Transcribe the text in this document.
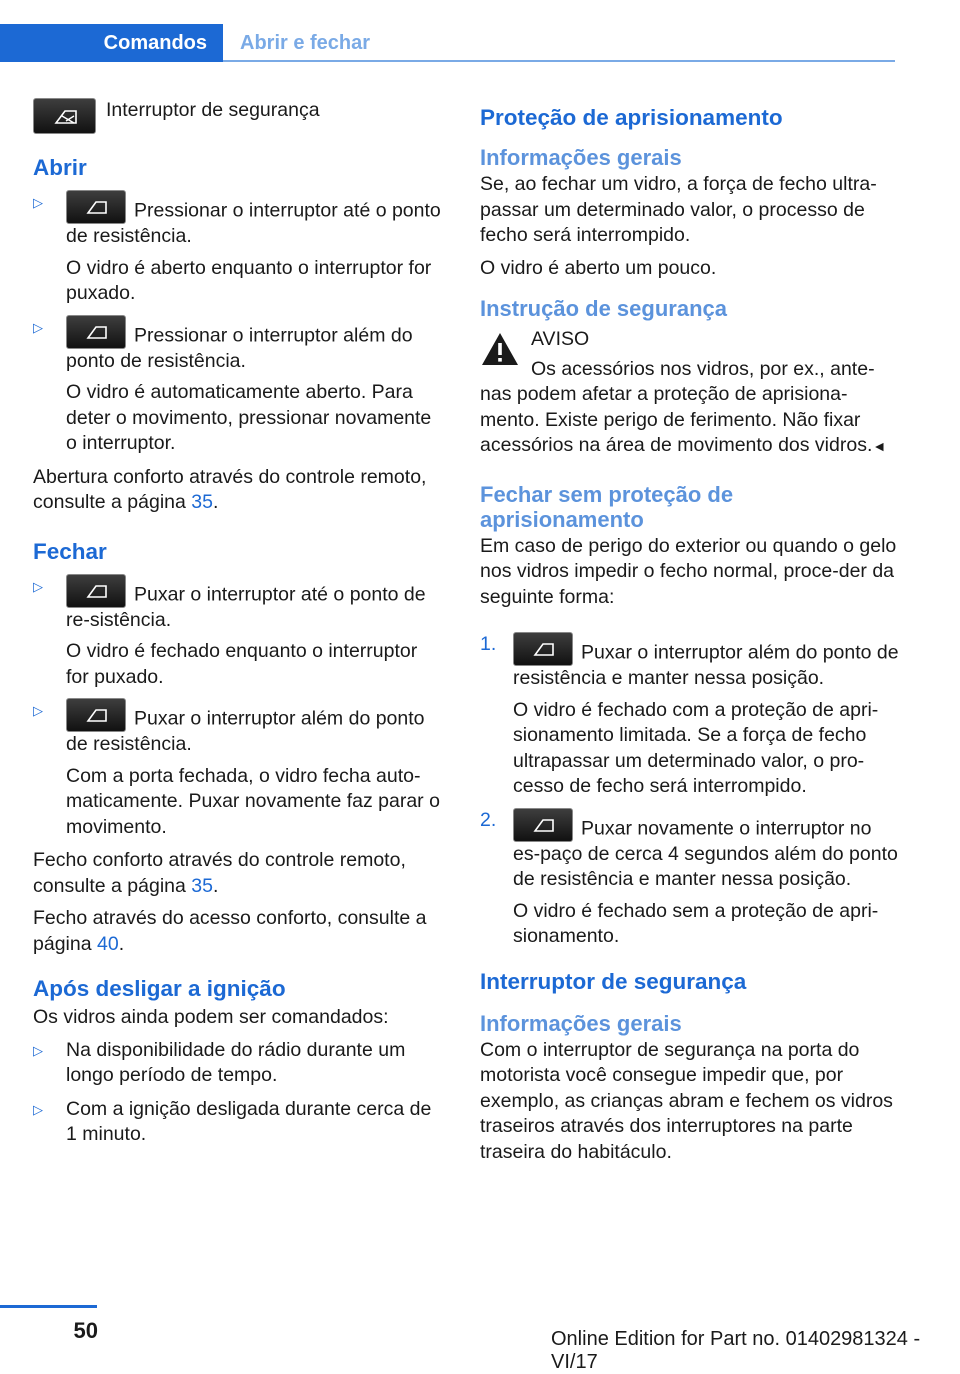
Comandos	Abrir e fechar

Interruptor de segurança

Abrir
▷	Pressionar o interruptor até o ponto de resistência.
O vidro é aberto enquanto o interruptor for puxado.
▷	Pressionar o interruptor além do ponto de resistência.
O vidro é automaticamente aberto. Para deter o movimento, pressionar novamente o interruptor.

Abertura conforto através do controle remoto, consulte a página 35.

Fechar
▷	Puxar o interruptor até o ponto de re‐sistência.
O vidro é fechado enquanto o interruptor for puxado.
▷	Puxar o interruptor além do ponto de resistência.
Com a porta fechada, o vidro fecha auto‐maticamente. Puxar novamente faz parar o movimento.

Fecho conforto através do controle remoto, consulte a página 35.

Fecho através do acesso conforto, consulte a página 40.

Após desligar a ignição

Os vidros ainda podem ser comandados:

▷ Na disponibilidade do rádio durante um longo período de tempo.
▷ Com a ignição desligada durante cerca de 1 minuto.
Proteção de aprisionamento
Informações gerais

Se, ao fechar um vidro, a força de fecho ultra‐passar um determinado valor, o processo de fecho será interrompido.

O vidro é aberto um pouco.

Instrução de segurança

AVISO

Os acessórios nos vidros, por ex., ante‐nas podem afetar a proteção de aprisiona‐mento. Existe perigo de ferimento. Não fixar acessórios na área de movimento dos vidros.◄

Fechar sem proteção de aprisionamento

Em caso de perigo do exterior ou quando o gelo nos vidros impedir o fecho normal, proce‐der da seguinte forma:

1.	Puxar o interruptor além do ponto de resistência e manter nessa posição.
O vidro é fechado com a proteção de apri‐sionamento limitada. Se a força de fecho ultrapassar um determinado valor, o pro‐cesso de fecho será interrompido.
2.	Puxar novamente o interruptor no es‐paço de cerca 4 segundos além do ponto de resistência e manter nessa posição.
O vidro é fechado sem a proteção de apri‐sionamento.
Interruptor de segurança
Informações gerais

Com o interruptor de segurança na porta do motorista você consegue impedir que, por exemplo, as crianças abram e fechem os vidros traseiros através dos interruptores na parte traseira do habitáculo.

50	Online Edition for Part no. 01402981324 - VI/17
